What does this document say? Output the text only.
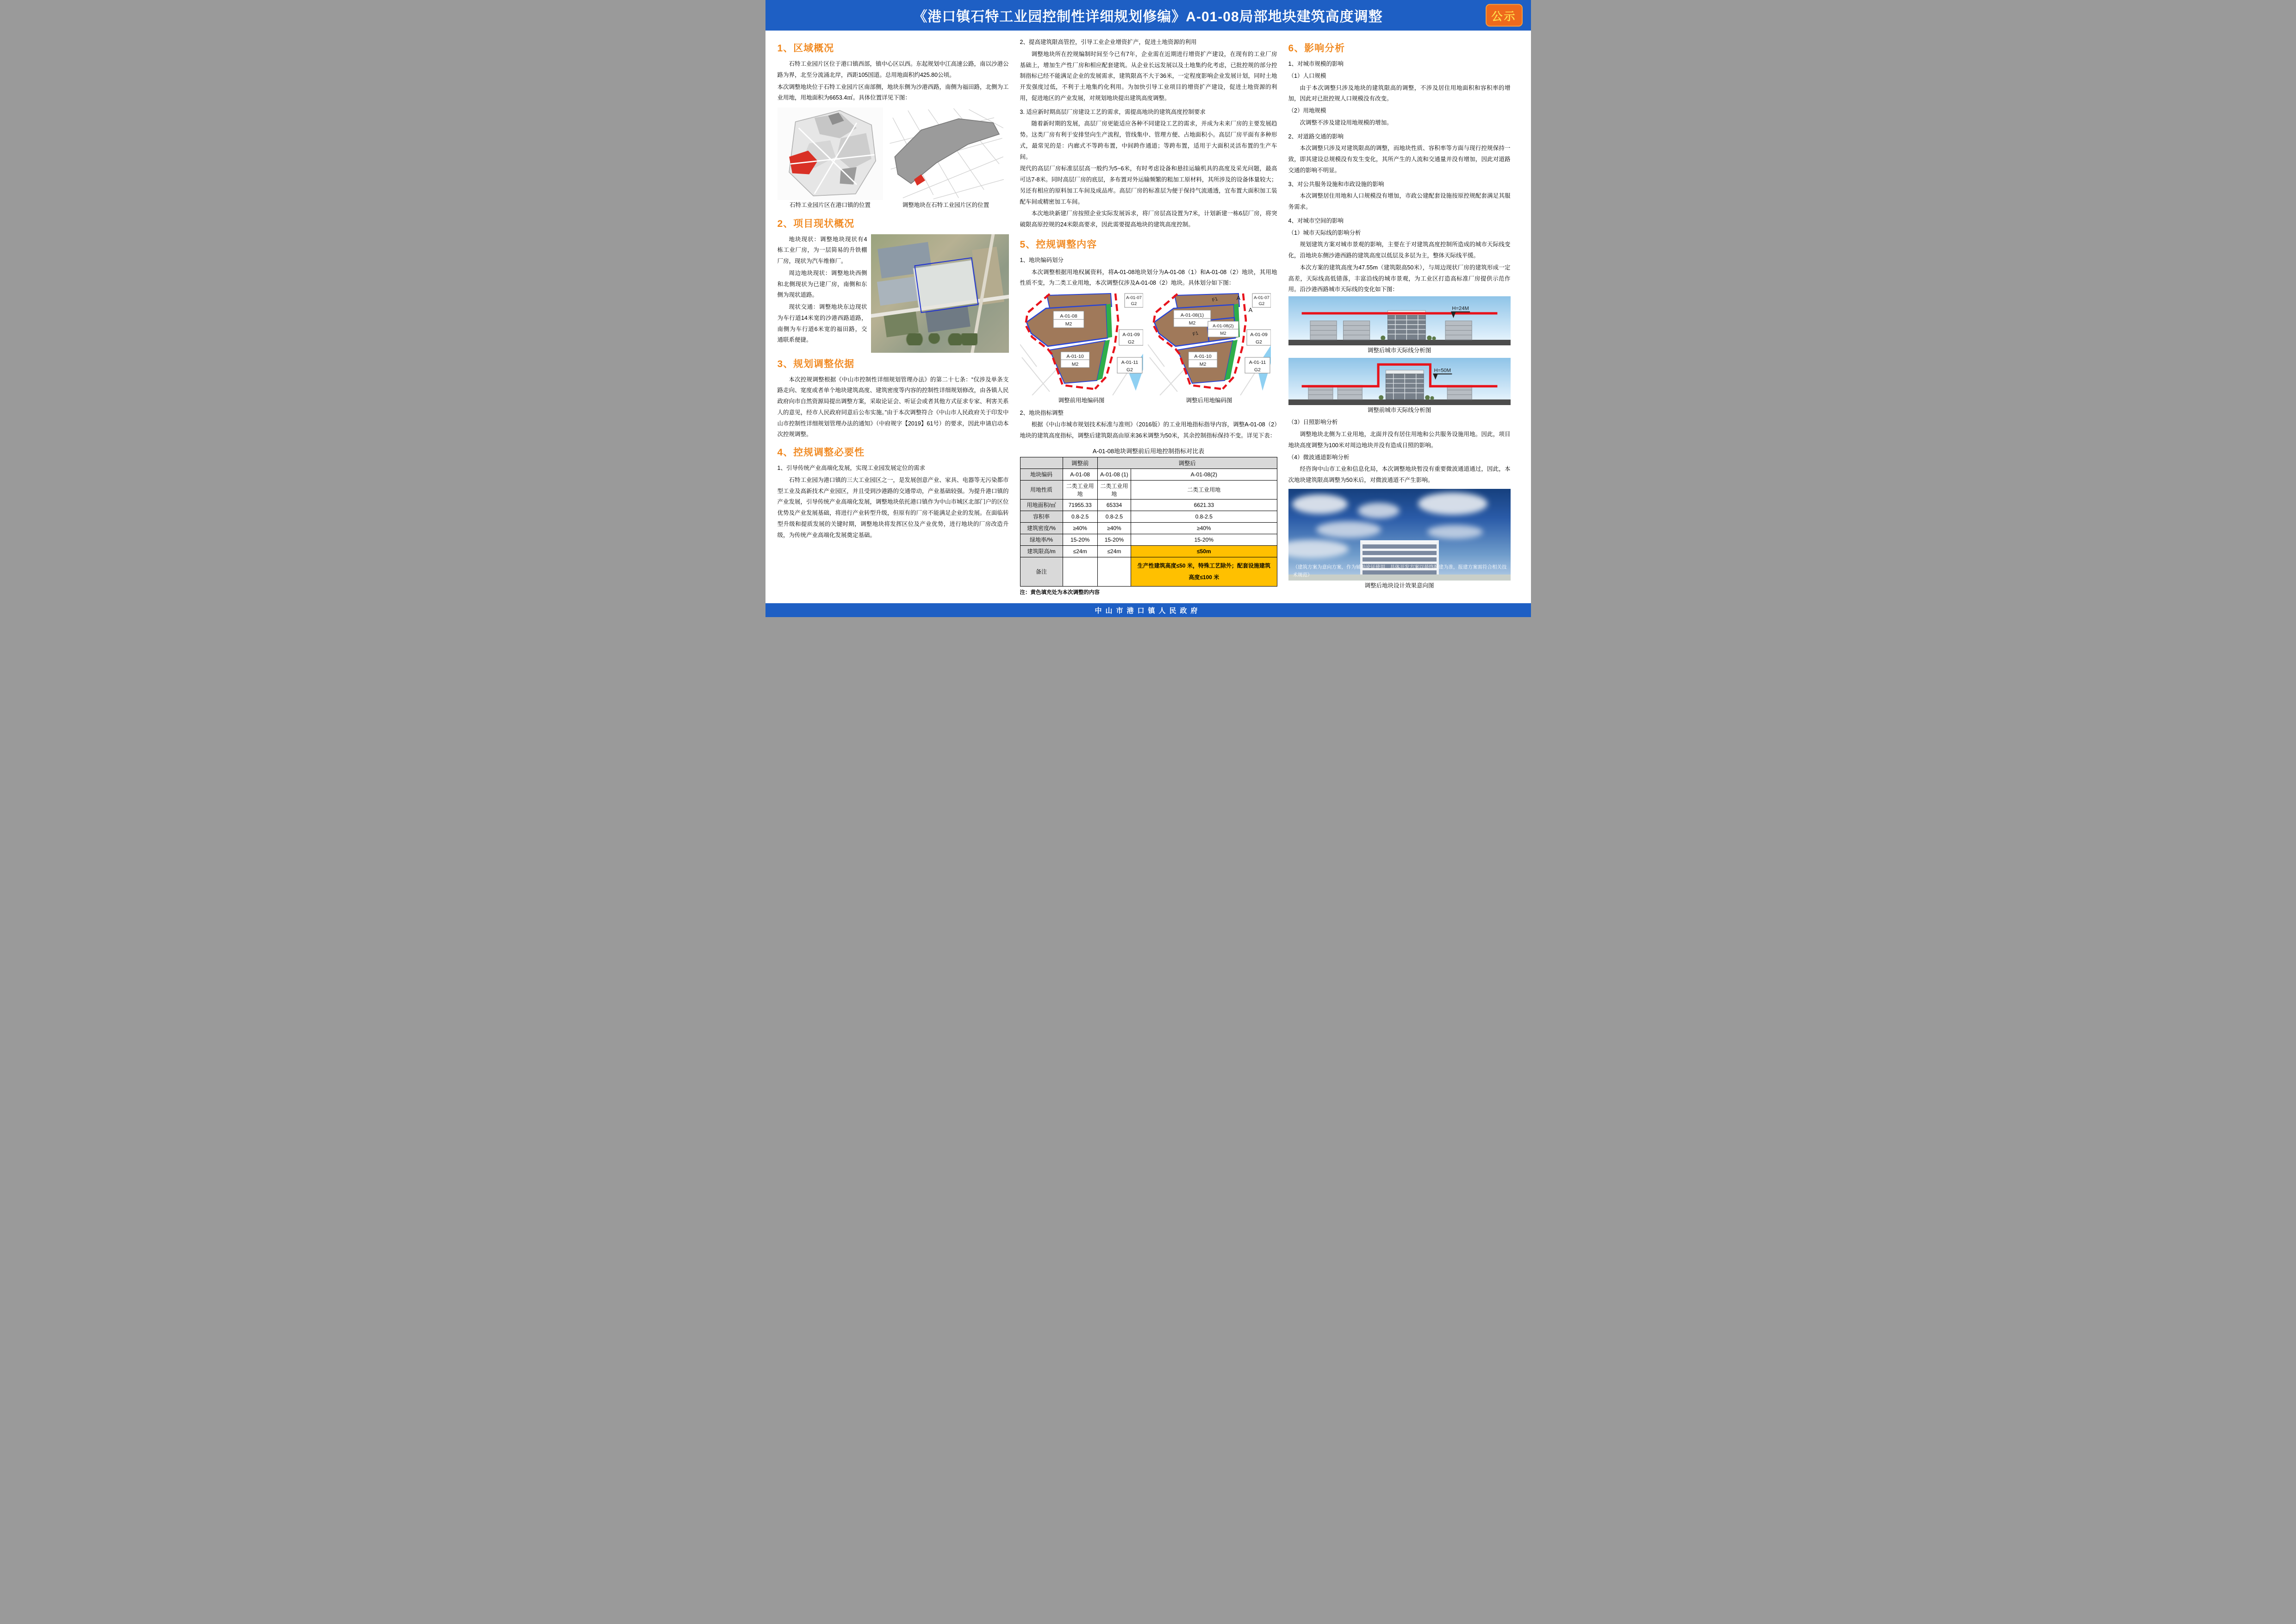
《港口镇石特工业园控制性详细规划修编》A-01-08局部地块建筑高度调整	公示
1、区域概况

石特工业园片区位于港口镇西部，镇中心区以西。东起规划中江高速公路，南以沙港公路为界，北至分流涌北岸，西距105国道。总用地面积约425.80公顷。

本次调整地块位于石特工业园片区南部侧，地块东侧为沙港西路，南侧为福田路，北侧为工业用地，用地面积为6653.4㎡。具体位置详见下图：

石特工业园片区在港口镇的位置	调整地块在石特工业园片区的位置
2、项目现状概况

地块现状：调整地块现状有4栋工业厂房，为一层简易的升铁棚厂房，现状为汽车维修厂。

周边地块现状：调整地块西侧和北侧现状为已建厂房，南侧和东侧为现状道路。

现状交通：调整地块东边现状为车行道14米宽的沙港西路道路，南侧为车行道6米宽的福田路，交通联系便捷。

3、规划调整依据

本次控规调整根据《中山市控制性详细规划管理办法》的第二十七条：“仅涉及单条支路走向、宽度或者单个地块建筑高度、建筑密度等内容的控制性详细规划修改，由各镇人民政府向市自然资源局提出调整方案，采取论证会、听证会或者其他方式征求专家、利害关系人的意见，经市人民政府同意后公布实施。”由于本次调整符合《中山市人民政府关于印发中山市控制性详细规划管理办法的通知》（中府规字【2019】61号）的要求，因此申请启动本次控规调整。

4、控规调整必要性

1、引导传统产业高端化发展，实现工业园发展定位的需求

石特工业园为港口镇的三大工业园区之一，是发展创意产业、家具、电器等无污染都市型工业及高新技术产业园区，并且受到沙港路的交通带动，产业基础较强。为提升港口镇的产业发展，引导传统产业高端化发展，调整地块依托港口镇作为中山市城区北部门户的区位优势及产业发展基础，将进行产业转型升级，但原有的厂房不能满足企业的发展。在面临转型升级和提质发展的关键时期，调整地块将发挥区位及产业优势，进行地块的厂房改造升级，为传统产业高端化发展奠定基础。

2、提高建筑限高管控，引导工业企业增资扩产，促进土地资源的利用

调整地块所在控规编制时间至今已有7年，企业需在近期进行增资扩产建设，在现有的工业厂房基础上，增加生产性厂房和相应配套建筑。从企业长远发展以及土地集约化考虑，已批控规的部分控制指标已经不能满足企业的发展需求，建筑限高不大于36米，一定程度影响企业发展计划，同时土地开发强度过低，不利于土地集约化利用。为加快引导工业项目的增资扩产建设，促进土地资源的利用，促进地区的产业发展，对规划地块提出建筑高度调整。

3. 适应新时期高层厂房建设工艺的需求，需提高地块的建筑高度控制要求

随着新时期的发展，高层厂房更能适应各种不同建设工艺的需求，并成为未来厂房的主要发展趋势。这类厂房有利于安排竖向生产流程，管线集中、管理方便、占地面积小。高层厂房平面有多种形式，最常见的是：内廊式不等跨布置，中间跨作通道；等跨布置，适用于大面积灵活布置的生产车间。

现代的高层厂房标准层层高一般约为5~6米，有时考虑设备和悬挂运输机具的高度及采光问题，最高可达7-8米。同时高层厂房的底层，多布置对外运输频繁的粗加工原材料，其所涉及的设备体量较大；另还有相应的原料加工车间及成品库。高层厂房的标准层为便于保持气流通透，宜布置大面积加工装配车间或精密加工车间。

本次地块新建厂房按照企业实际发展诉求，将厂房层高设置为7米，计划新建一栋6层厂房，将突破限高原控规的24米限高要求，因此需要提高地块的建筑高度控制。

5、控规调整内容

1、地块编码划分

本次调整根据用地权属资料，将A-01-08地块划分为A-01-08（1）和A-01-08（2）地块，其用地性质不变，为二类工业用地，本次调整仅涉及A-01-08（2）地块。具体划分如下图：

A-01-08
M2
A-01-10
M2
A-01-09
G2
A-01-11
G2
A-01-07
G2
调整前用地编码图
A-01-08(1)
M2
A-01-08(2)
M2
A-01-10
M2
A-01-09
G2
A-01-11
G2
A-01-07
G2
F1
F1
A
A
调整后用地编码图

2、地块指标调整

根据《中山市城市规划技术标准与准则》（2016版）的工业用地指标指导内容，调整A-01-08（2）地块的建筑高度指标，调整后建筑限高由原来36米调整为50米，其余控制指标保持不变。详见下表：

A-01-08地块调整前后用地控制指标对比表
	调整前	调整后	
地块编码	A-01-08	A-01-08 (1)	A-01-08(2)
用地性质	二类工业用地	二类工业用地	二类工业用地
用地面积/㎡	71955.33	65334	6621.33
容积率	0.8-2.5	0.8-2.5	0.8-2.5
建筑密度/%	≥40%	≥40%	≥40%
绿地率/%	15-20%	15-20%	15-20%
建筑限高/m	≤24m	≤24m	≤50m
备注			生产性建筑高度≤50 米，特殊工艺除外；配套设施建筑高度≤100 米
注：黄色填充处为本次调整的内容
6、影响分析

1、对城市规模的影响

（1）人口规模

由于本次调整只涉及地块的建筑限高的调整，不涉及居住用地面积和容积率的增加，因此对已批控规人口规模没有改变。

（2）用地规模

次调整不涉及建设用地规模的增加。

2、对道路交通的影响

本次调整只涉及对建筑限高的调整，而地块性质、容积率等方面与现行控规保持一致，即其建设总规模没有发生变化，其所产生的人流和交通量并没有增加，因此对道路交通的影响不明显。

3、对公共服务设施和市政设施的影响

本次调整居住用地和人口规模没有增加，市政公建配套设施按原控规配套满足其服务需求。

4、对城市空间的影响

（1）城市天际线的影响分析

规划建筑方案对城市景观的影响，主要在于对建筑高度控制所造成的城市天际线变化，沿地块东侧沙港西路的建筑高度以低层及多层为主，整体天际线平缓。

本次方案的建筑高度为47.55m（建筑限高50米），与周边现状厂房的建筑形成一定高差，天际线高低错落，丰富沿线的城市景观，为工业区打造高标准厂房提供示范作用。沿沙港西路城市天际线的变化如下图：

H=24M
调整后城市天际线分析图
H=50M
调整前城市天际线分析图

（3）日照影响分析

调整地块北侧为工业用地，北面并没有居住用地和公共服务设施用地。因此，项目地块高度调整为100米对周边地块并没有造成日照的影响。

（4）微波通道影响分析

经咨询中山市工业和信息化局，本次调整地块暂没有重要微波通道通过，因此，本次地块建筑限高调整为50米后，对微波通道不产生影响。

（建筑方案为意向方案，作为辅助论证使用，具体开发方案以最终报建为准，报建方案需符合相关技术规范）
调整后地块设计效果意向图
中山市港口镇人民政府
